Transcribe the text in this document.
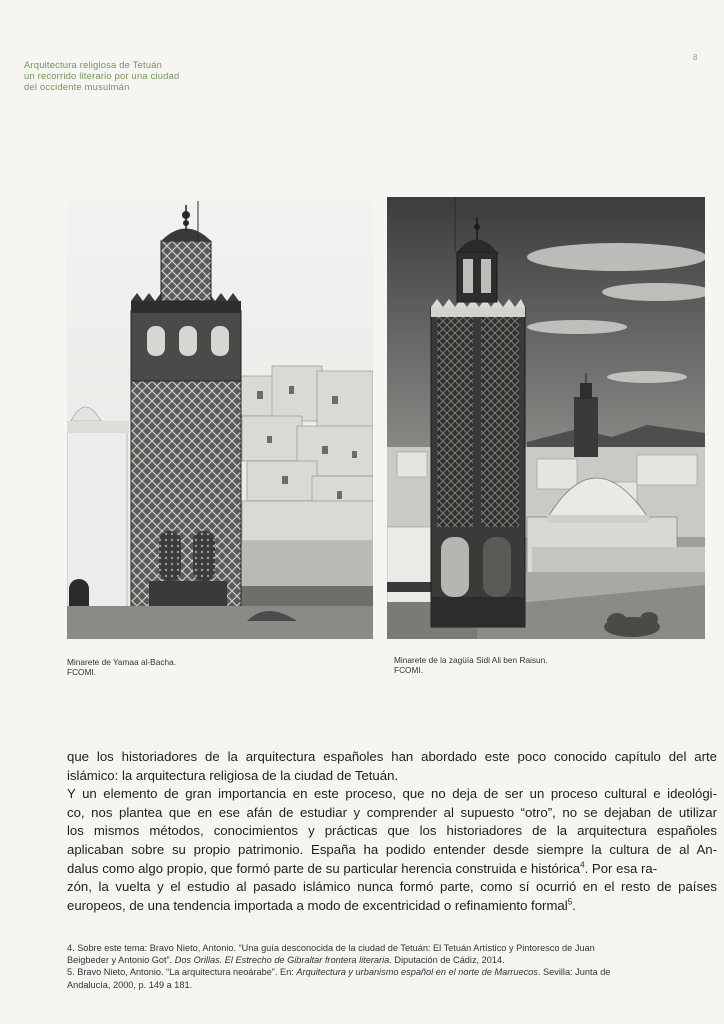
Arquitectura religiosa de Tetuán
un recorrido literario por una ciudad
del occidente musulmán
8
Minarete de Yamaa al-Bacha.
FCOMI.
Minarete de la zagüía Sidi Ali ben Raisun.
FCOMI.
que los historiadores de la arquitectura españoles han abordado este poco conocido capítulo del arte
islámico: la arquitectura religiosa de la ciudad de Tetuán.
Y un elemento de gran importancia en este proceso, que no deja de ser un proceso cultural e ideológi-
co, nos plantea que en ese afán de estudiar y comprender al supuesto “otro”, no se dejaban de utilizar
los mismos métodos, conocimientos y prácticas que los historiadores de la arquitectura españoles
aplicaban sobre su propio patrimonio. España ha podido entender desde siempre la cultura de al An-
dalus como algo propio, que formó parte de su particular herencia construida e histórica$^4$. Por esa ra-
zón, la vuelta y el estudio al pasado islámico nunca formó parte, como sí ocurrió en el resto de países
europeos, de una tendencia importada a modo de excentricidad o refinamiento formal$^5$.
4. Sobre este tema: Bravo Nieto, Antonio. “Una guía desconocida de la ciudad de Tetuán: El Tetuán Artístico y Pintoresco de Juan
Beigbeder y Antonio Got”. Dos Orillas. El Estrecho de Gibraltar frontera literaria. Diputación de Cádiz, 2014.
5. Bravo Nieto, Antonio. “La arquitectura neoárabe”. En: Arquitectura y urbanismo español en el norte de Marruecos. Sevilla: Junta de
Andalucía, 2000, p. 149 a 181.
